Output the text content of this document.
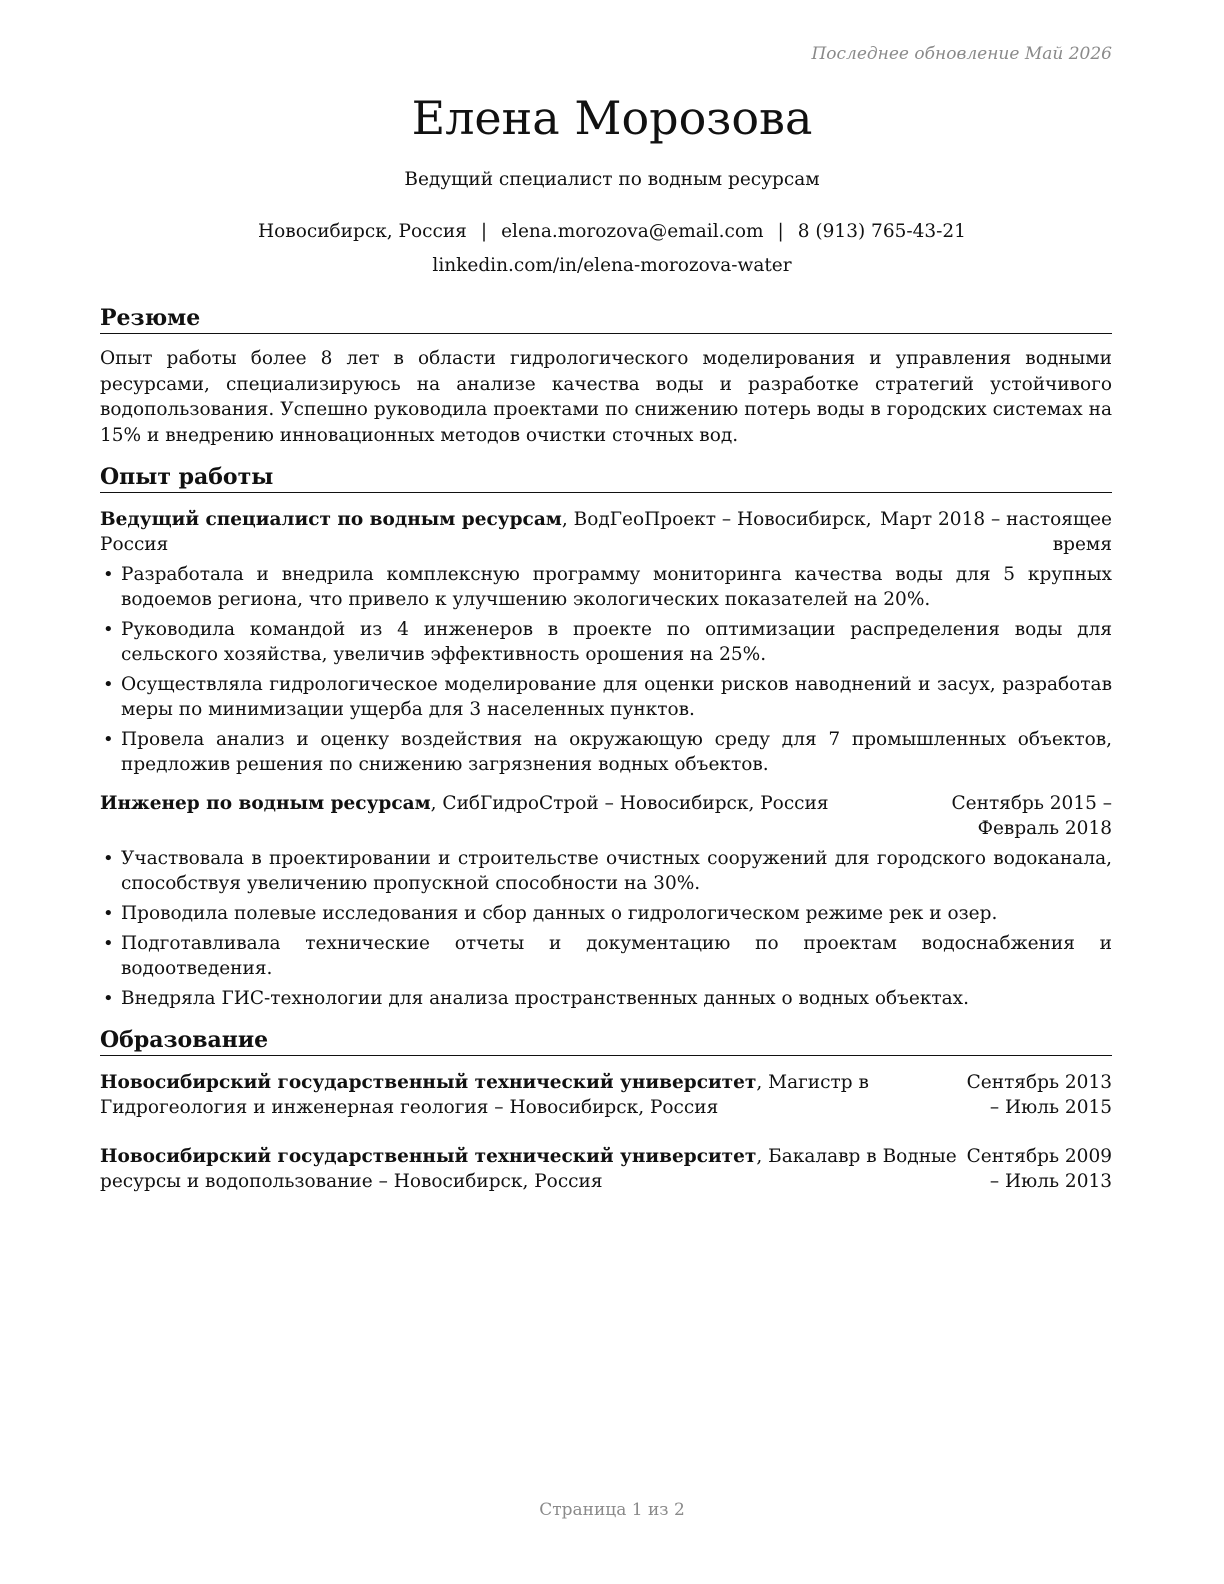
Последнее обновление Май 2026
Елена Морозова
Ведущий специалист по водным ресурсам
Новосибирск, Россия | elena.morozova@email.com | 8 (913) 765-43-21
linkedin.com/in/elena-morozova-water
Резюме
Опыт работы более 8 лет в области гидрологического моделирования и управления водными ресурсами, специализируюсь на анализе качества воды и разработке стратегий устойчивого водопользования. Успешно руководила проектами по снижению потерь воды в городских системах на 15% и внедрению инновационных методов очистки сточных вод.
Опыт работы
Ведущий специалист по водным ресурсам, ВодГеоПроект – Новосибирск, Россия
Март 2018 – настоящее время
• Разработала и внедрила комплексную программу мониторинга качества воды для 5 крупных водоемов региона, что привело к улучшению экологических показателей на 20%.
• Руководила командой из 4 инженеров в проекте по оптимизации распределения воды для сельского хозяйства, увеличив эффективность орошения на 25%.
• Осуществляла гидрологическое моделирование для оценки рисков наводнений и засух, разработав меры по минимизации ущерба для 3 населенных пунктов.
• Провела анализ и оценку воздействия на окружающую среду для 7 промышленных объектов, предложив решения по снижению загрязнения водных объектов.
Инженер по водным ресурсам, СибГидроСтрой – Новосибирск, Россия	Сентябрь 2015 – Февраль 2018
• Участвовала в проектировании и строительстве очистных сооружений для городского водоканала, способствуя увеличению пропускной способности на 30%.
• Проводила полевые исследования и сбор данных о гидрологическом режиме рек и озер.
• Подготавливала технические отчеты и документацию по проектам водоснабжения и водоотведения.
• Внедряла ГИС-технологии для анализа пространственных данных о водных объектах.
Образование
Новосибирский государственный технический университет, Магистр в Гидрогеология и инженерная геология – Новосибирск, Россия
Сентябрь 2013 – Июль 2015
Новосибирский государственный технический университет, Бакалавр в Водные ресурсы и водопользование – Новосибирск, Россия
Сентябрь 2009 – Июль 2013
Страница 1 из 2
